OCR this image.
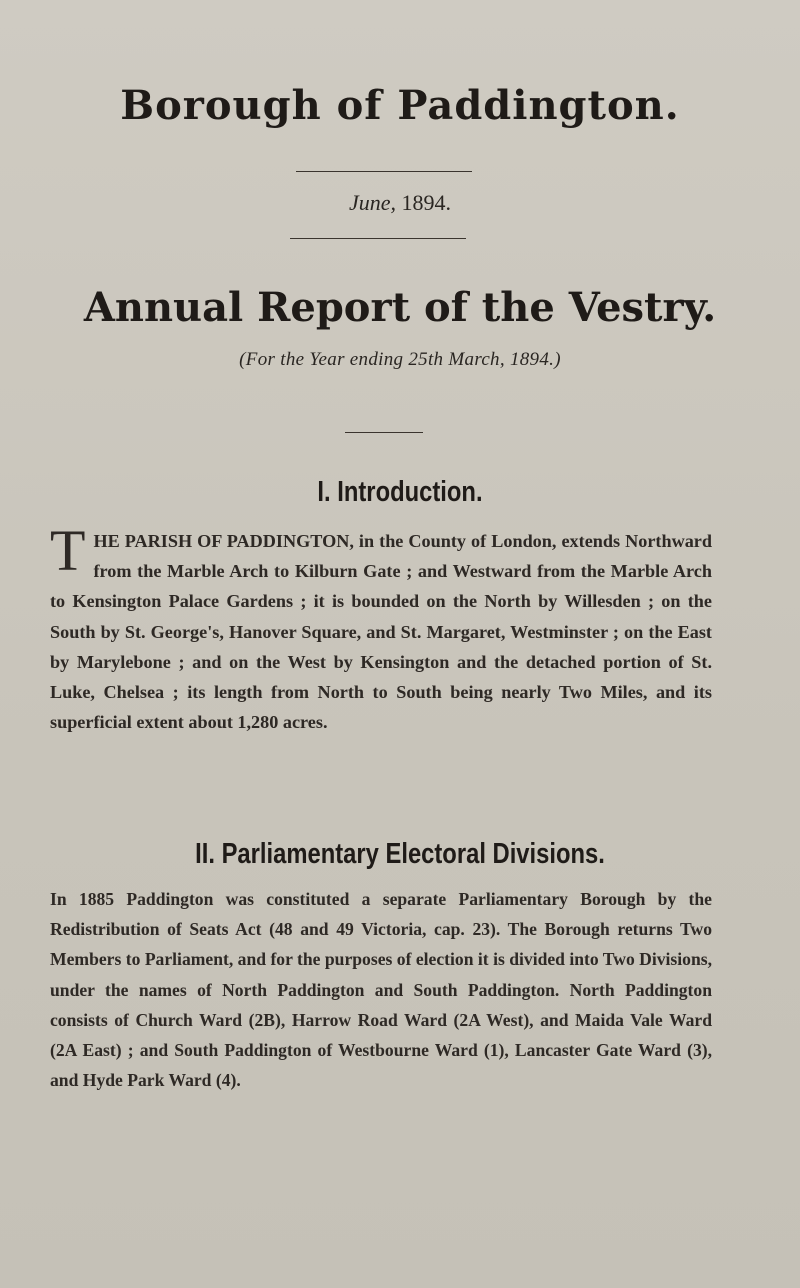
Borough of Paddington.
June, 1894.
Annual Report of the Vestry.
(For the Year ending 25th March, 1894.)
I. Introduction.
THE PARISH OF PADDINGTON, in the County of London, extends Northward from the Marble Arch to Kilburn Gate ; and Westward from the Marble Arch to Kensington Palace Gardens ; it is bounded on the North by Willesden ; on the South by St. George's, Hanover Square, and St. Margaret, Westminster ; on the East by Marylebone ; and on the West by Kensington and the detached portion of St. Luke, Chelsea ; its length from North to South being nearly Two Miles, and its superficial extent about 1,280 acres.
II. Parliamentary Electoral Divisions.
In 1885 Paddington was constituted a separate Parliamentary Borough by the Redistribution of Seats Act (48 and 49 Victoria, cap. 23). The Borough returns Two Members to Parliament, and for the purposes of election it is divided into Two Divisions, under the names of North Paddington and South Paddington. North Paddington consists of Church Ward (2B), Harrow Road Ward (2A West), and Maida Vale Ward (2A East) ; and South Paddington of Westbourne Ward (1), Lancaster Gate Ward (3), and Hyde Park Ward (4).
